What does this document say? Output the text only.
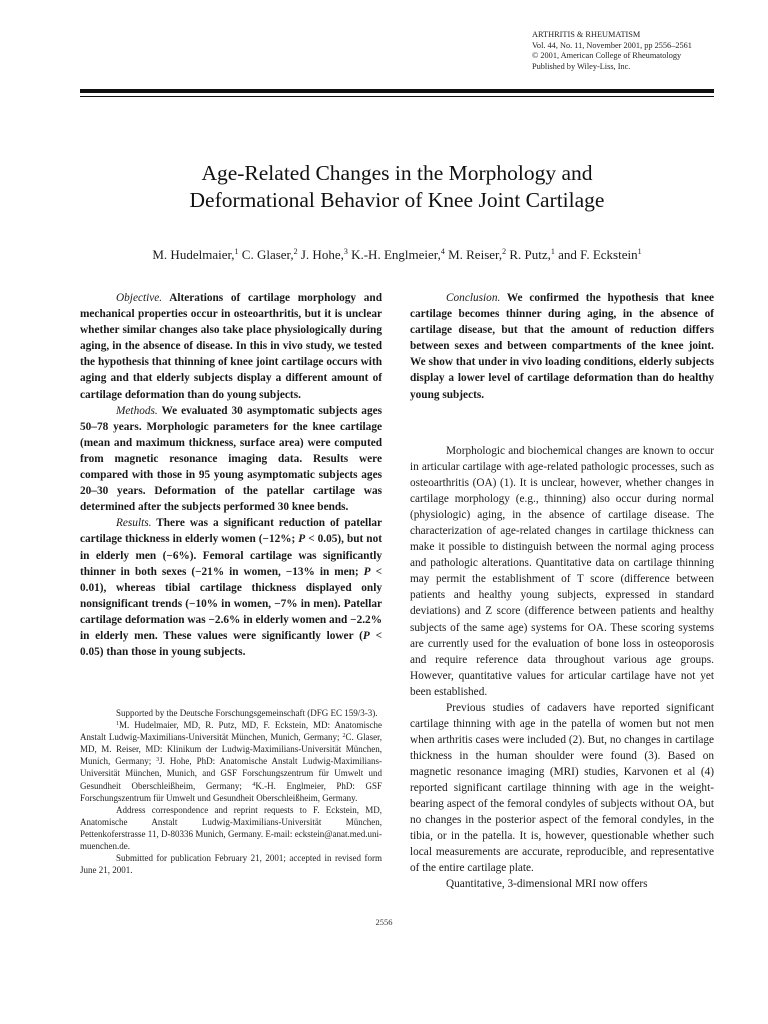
ARTHRITIS & RHEUMATISM
Vol. 44, No. 11, November 2001, pp 2556–2561
© 2001, American College of Rheumatology
Published by Wiley-Liss, Inc.
Age-Related Changes in the Morphology and
Deformational Behavior of Knee Joint Cartilage
M. Hudelmaier,$^1$ C. Glaser,$^2$ J. Hohe,$^3$ K.-H. Englmeier,$^4$ M. Reiser,$^2$ R. Putz,$^1$ and F. Eckstein$^1$

Objective. Alterations of cartilage morphology and mechanical properties occur in osteoarthritis, but it is unclear whether similar changes also take place physiologically during aging, in the absence of disease. In this in vivo study, we tested the hypothesis that thinning of knee joint cartilage occurs with aging and that elderly subjects display a different amount of cartilage deformation than do young subjects.

Methods. We evaluated 30 asymptomatic subjects ages 50–78 years. Morphologic parameters for the knee cartilage (mean and maximum thickness, surface area) were computed from magnetic resonance imaging data. Results were compared with those in 95 young asymptomatic subjects ages 20–30 years. Deformation of the patellar cartilage was determined after the subjects performed 30 knee bends.

Results. There was a significant reduction of patellar cartilage thickness in elderly women (−12%; P < 0.05), but not in elderly men (−6%). Femoral cartilage was significantly thinner in both sexes (−21% in women, −13% in men; P < 0.01), whereas tibial cartilage thickness displayed only nonsignificant trends (−10% in women, −7% in men). Patellar cartilage deformation was −2.6% in elderly women and −2.2% in elderly men. These values were significantly lower (P < 0.05) than those in young subjects.

Supported by the Deutsche Forschungsgemeinschaft (DFG EC 159/3-3).

$^1$M. Hudelmaier, MD, R. Putz, MD, F. Eckstein, MD: Anatomische Anstalt Ludwig-Maximilians-Universität München, Munich, Germany; $^2$C. Glaser, MD, M. Reiser, MD: Klinikum der Ludwig-Maximilians-Universität München, Munich, Germany; $^3$J. Hohe, PhD: Anatomische Anstalt Ludwig-Maximilians-Universität München, Munich, and GSF Forschungszentrum für Umwelt und Gesundheit Oberschleißheim, Germany; $^4$K.-H. Englmeier, PhD: GSF Forschungszentrum für Umwelt und Gesundheit Oberschleißheim, Germany.

Address correspondence and reprint requests to F. Eckstein, MD, Anatomische Anstalt Ludwig-Maximilians-Universität München, Pettenkoferstrasse 11, D-80336 Munich, Germany. E-mail: eckstein@anat.med.uni-muenchen.de.

Submitted for publication February 21, 2001; accepted in revised form June 21, 2001.

Conclusion. We confirmed the hypothesis that knee cartilage becomes thinner during aging, in the absence of cartilage disease, but that the amount of reduction differs between sexes and between compartments of the knee joint. We show that under in vivo loading conditions, elderly subjects display a lower level of cartilage deformation than do healthy young subjects.

Morphologic and biochemical changes are known to occur in articular cartilage with age-related pathologic processes, such as osteoarthritis (OA) (1). It is unclear, however, whether changes in cartilage morphology (e.g., thinning) also occur during normal (physiologic) aging, in the absence of cartilage disease. The characterization of age-related changes in cartilage thickness can make it possible to distinguish between the normal aging process and pathologic alterations. Quantitative data on cartilage thinning may permit the establishment of T score (difference between patients and healthy young subjects, expressed in standard deviations) and Z score (difference between patients and healthy subjects of the same age) systems for OA. These scoring systems are currently used for the evaluation of bone loss in osteoporosis and require reference data throughout various age groups. However, quantitative values for articular cartilage have not yet been established.

Previous studies of cadavers have reported significant cartilage thinning with age in the patella of women but not men when arthritis cases were included (2). But, no changes in cartilage thickness in the human shoulder were found (3). Based on magnetic resonance imaging (MRI) studies, Karvonen et al (4) reported significant cartilage thinning with age in the weight-bearing aspect of the femoral condyles of subjects without OA, but no changes in the posterior aspect of the femoral condyles, in the tibia, or in the patella. It is, however, questionable whether such local measurements are accurate, reproducible, and representative of the entire cartilage plate.

Quantitative, 3-dimensional MRI now offers

2556
